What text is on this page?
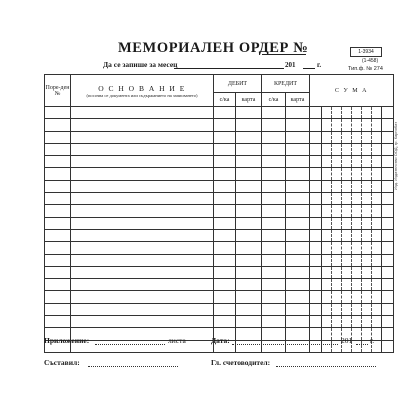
МЕМОРИАЛЕН ОРДЕР №	1-3934
(1-458)
Да се запише за месец	201	г.	Тип.ф. № 274
Поре-ден №	О С Н О В А Н И Е
(посочва се документа или съдържанието на записването)	ДЕБИТ		КРЕДИТ		С У М А							
		с/ка	карта	с/ка	карта								

Изд. Издателство ООД, гр. Карнобат
Приложение:	листа	Дата:	201 г.
Съставил:	Гл. счетоводител:
